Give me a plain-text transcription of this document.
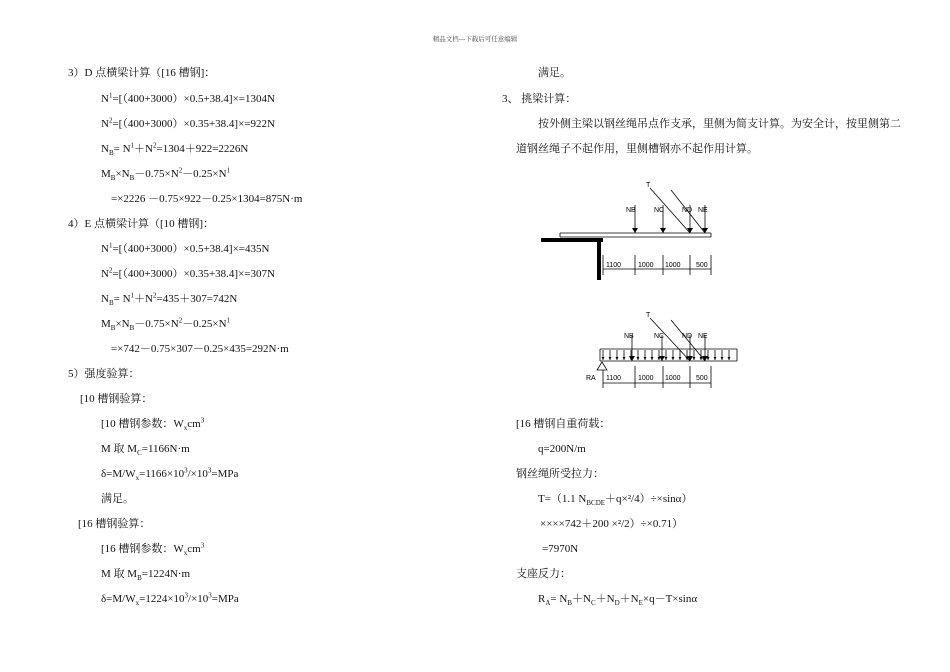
精品文档---下载后可任意编辑
3）D 点横梁计算（[16 槽钢]：
$N^1=[(400+3000)\times 0.5+38.4]\times=1304N$
$N^2=[(400+3000)\times 0.35+38.4]\times=922N$
$N_B= N^1+N^2=1304+922=2226N$
$M_B\times N_B-0.75\times N^2-0.25\times N^1$
=×2226 －0.75×922－0.25×1304=875N·m
4）E 点横梁计算（[10 槽钢]：
$N^1=[(400+3000)\times 0.5+38.4]\times=435N$
$N^2=[(400+3000)\times 0.35+38.4]\times=307N$
$N_B= N^1+N^2=435+307=742N$
$M_B\times N_B-0.75\times N^2-0.25\times N^1$
=×742－0.75×307－0.25×435=292N·m
5）强度验算：
[10 槽钢验算：
[10 槽钢参数：$W_xcm^3$
M 取 $M_C=1166N\cdot m$
$\delta=M/W_x=1166\times 10^3/\times 10^3=MPa$
满足。
[16 槽钢验算：
[16 槽钢参数：$W_xcm^3$
M 取 $M_B=1224N\cdot m$
$\delta=M/W_x=1224\times 10^3/\times 10^3=MPa$
满足。
3、 挑梁计算：
按外侧主梁以钢丝绳吊点作支承，里侧为简支计算。为安全计，按里侧第二
道钢丝绳子不起作用，里侧槽钢亦不起作用计算。
T
NB	NC	ND NE
1100 1000 1000 500
T
NB	NC	ND NE
RA 1100 1000 1000 500
[16 槽钢自重荷载：
q=200N/m
钢丝绳所受拉力：
T=（1.1 $N_{BCDE}+q\times^2/4)\div\times\sin\alpha$）
××××742＋200 ×²/2）÷×0.71）
=7970N
支座反力：
$R_A= N_B+N_C+N_D+N_E\times q-T\times\sin\alpha$
